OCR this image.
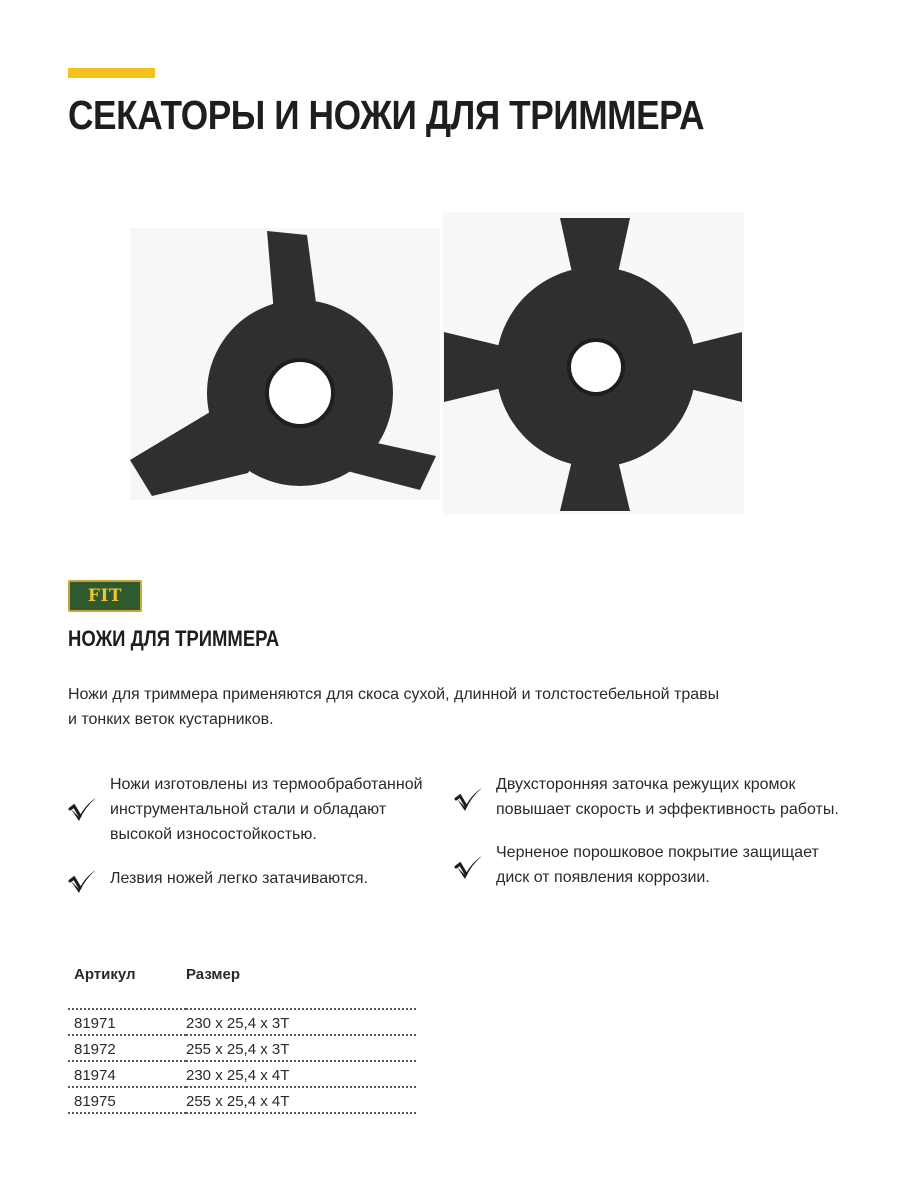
СЕКАТОРЫ И НОЖИ ДЛЯ ТРИММЕРА
FIT
НОЖИ ДЛЯ ТРИММЕРА

Ножи для триммера применяются для скоса сухой, длинной и толстостебельной травы
и тонких веток кустарников.

Ножи изготовлены из термообработанной
инструментальной стали и обладают
высокой износостойкостью.
Лезвия ножей легко затачиваются.
Двухсторонняя заточка режущих кромок
повышает скорость и эффективность работы.
Черненое порошковое покрытие защищает
диск от появления коррозии.
Артикул	Размер
81971	230 х 25,4 х 3Т
81972	255 х 25,4 х 3Т
81974	230 х 25,4 х 4Т
81975	255 х 25,4 х 4Т
